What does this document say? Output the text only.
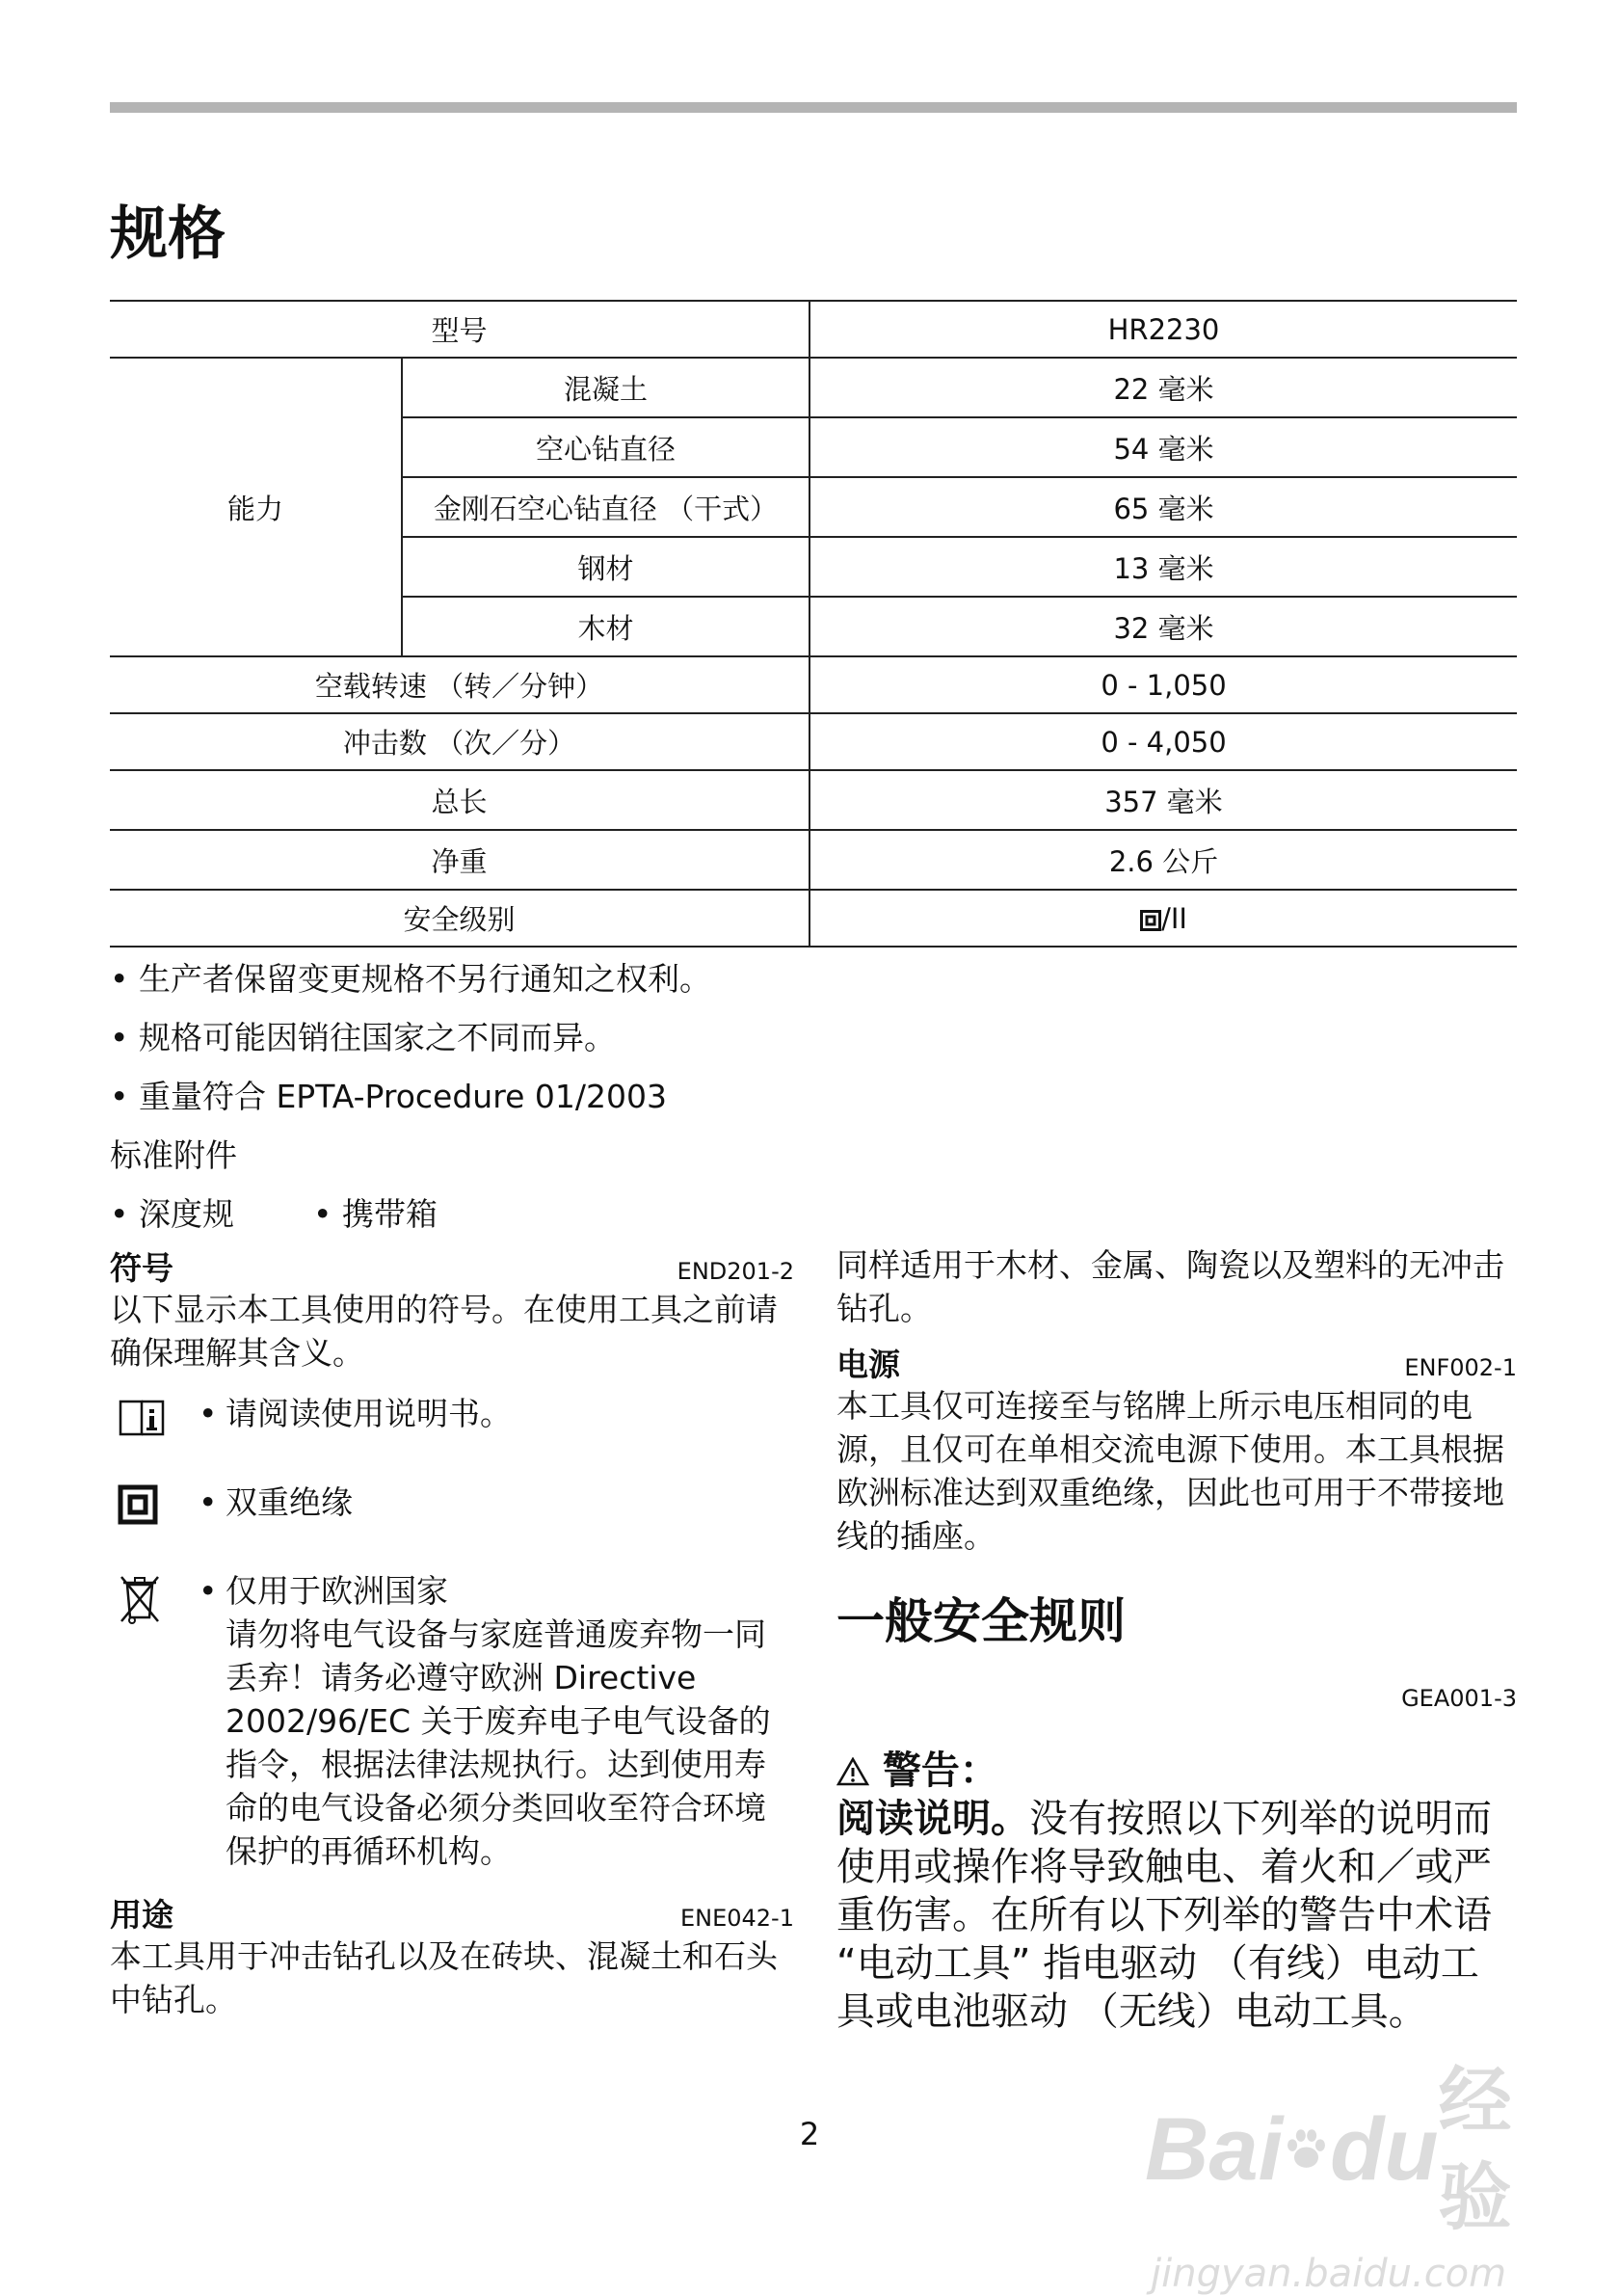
规格
型号		HR2230
能力	混凝土	22 毫米
	空心钻直径	54 毫米
	金刚石空心钻直径 （干式）	65 毫米
	钢材	13 毫米
	木材	32 毫米
空载转速 （转／分钟）		0 - 1,050
冲击数 （次／分）		0 - 4,050
总长		357 毫米
净重		2.6 公斤
安全级别		/II
• 生产者保留变更规格不另行通知之权利。
• 规格可能因销往国家之不同而异。
• 重量符合 EPTA-Procedure 01/2003
标准附件
• 深度规 • 携带箱
符号	END201-2
以下显示本工具使用的符号。在使用工具之前请确保理解其含义。
• 请阅读使用说明书。
• 双重绝缘
• 仅用于欧洲国家
请勿将电气设备与家庭普通废弃物一同丢弃！请务必遵守欧洲 Directive 2002/96/EC 关于废弃电子电气设备的指令，根据法律法规执行。达到使用寿命的电气设备必须分类回收至符合环境保护的再循环机构。
用途	ENE042-1
本工具用于冲击钻孔以及在砖块、混凝土和石头中钻孔。
同样适用于木材、金属、陶瓷以及塑料的无冲击钻孔。
电源	ENF002-1
本工具仅可连接至与铭牌上所示电压相同的电源，且仅可在单相交流电源下使用。本工具根据欧洲标准达到双重绝缘，因此也可用于不带接地线的插座。
一般安全规则
GEA001-3
警告：
阅读说明。没有按照以下列举的说明而使用或操作将导致触电、着火和／或严重伤害。在所有以下列举的警告中术语 “电动工具” 指电驱动 （有线）电动工具或电池驱动 （无线）电动工具。
2	Bai du 经验
jingyan.baidu.com
